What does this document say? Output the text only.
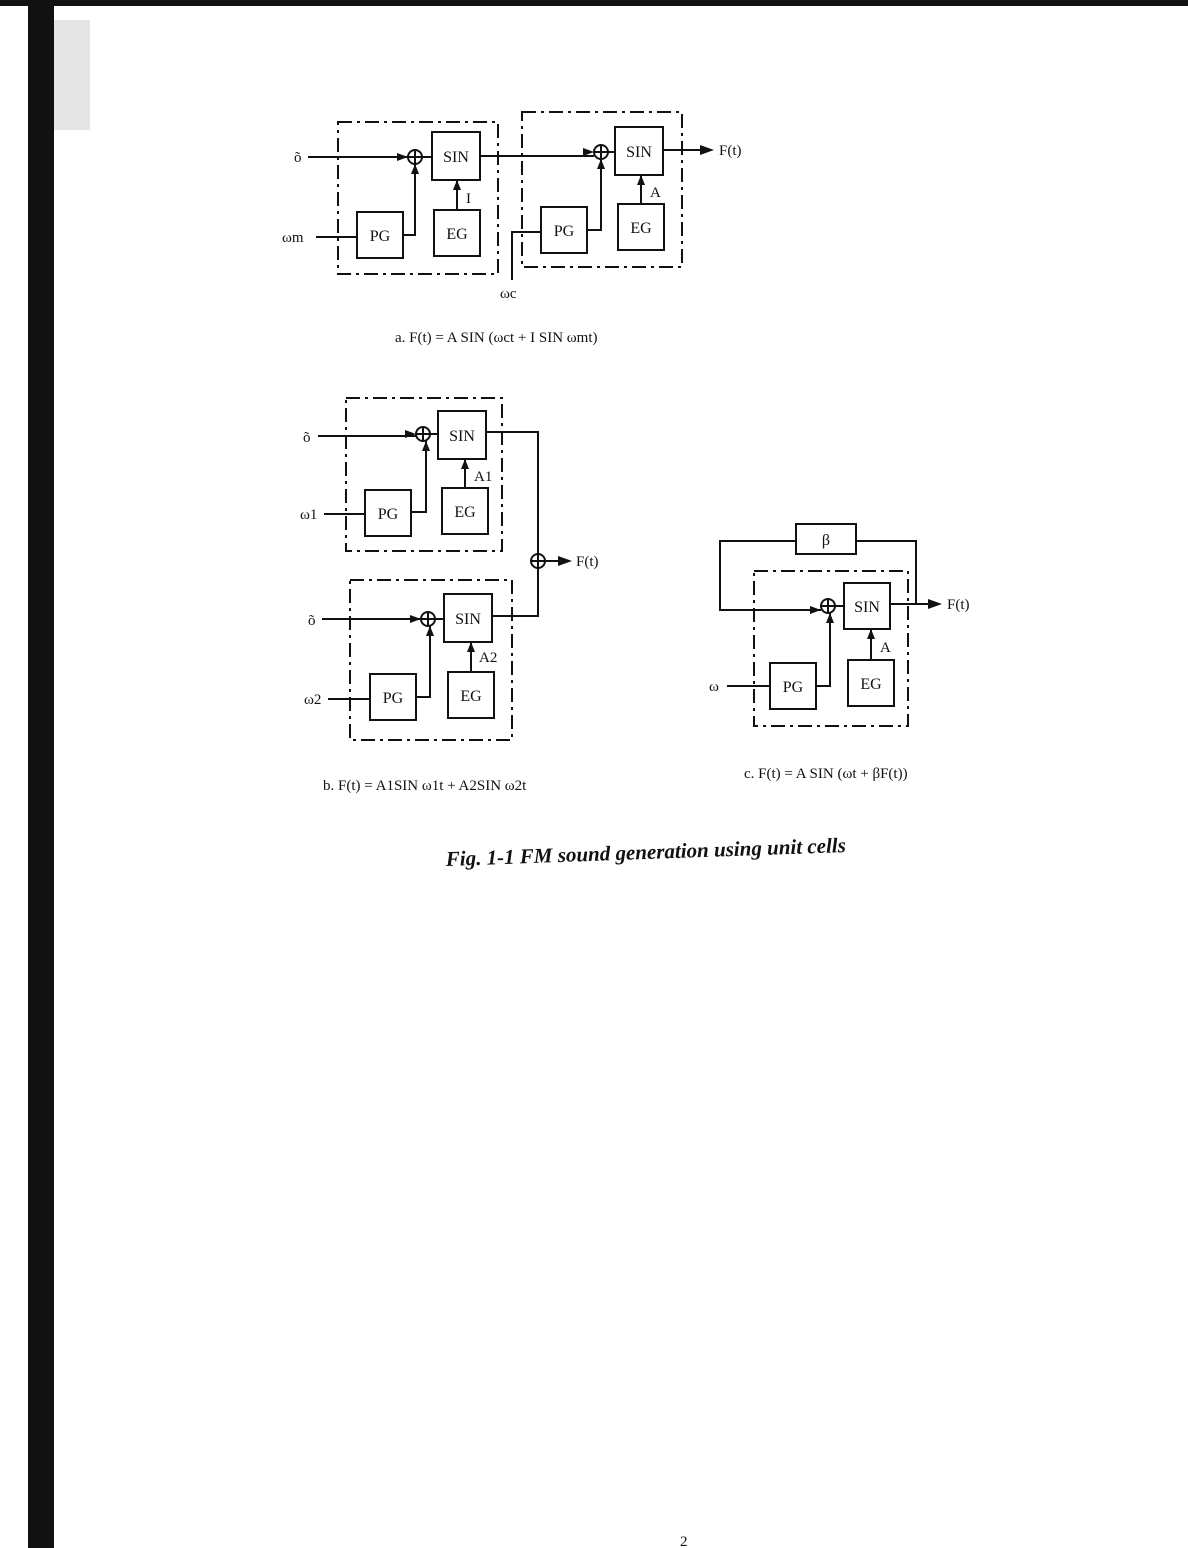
SIN
PG	EG
õ
ωm
I
SIN
PG	EG
F(t)
A
ωc
a. F(t) = A SIN (ωct + I SIN ωmt)
SIN
PG	EG
õ
ω1
A1
SIN
PG	EG
õ
ω2
A2
F(t)
b. F(t) = A1SIN ω1t + A2SIN ω2t
β
SIN
PG	EG
F(t)
A
ω
c. F(t) = A SIN (ωt + βF(t))
Fig. 1-1 FM sound generation using unit cells
2
